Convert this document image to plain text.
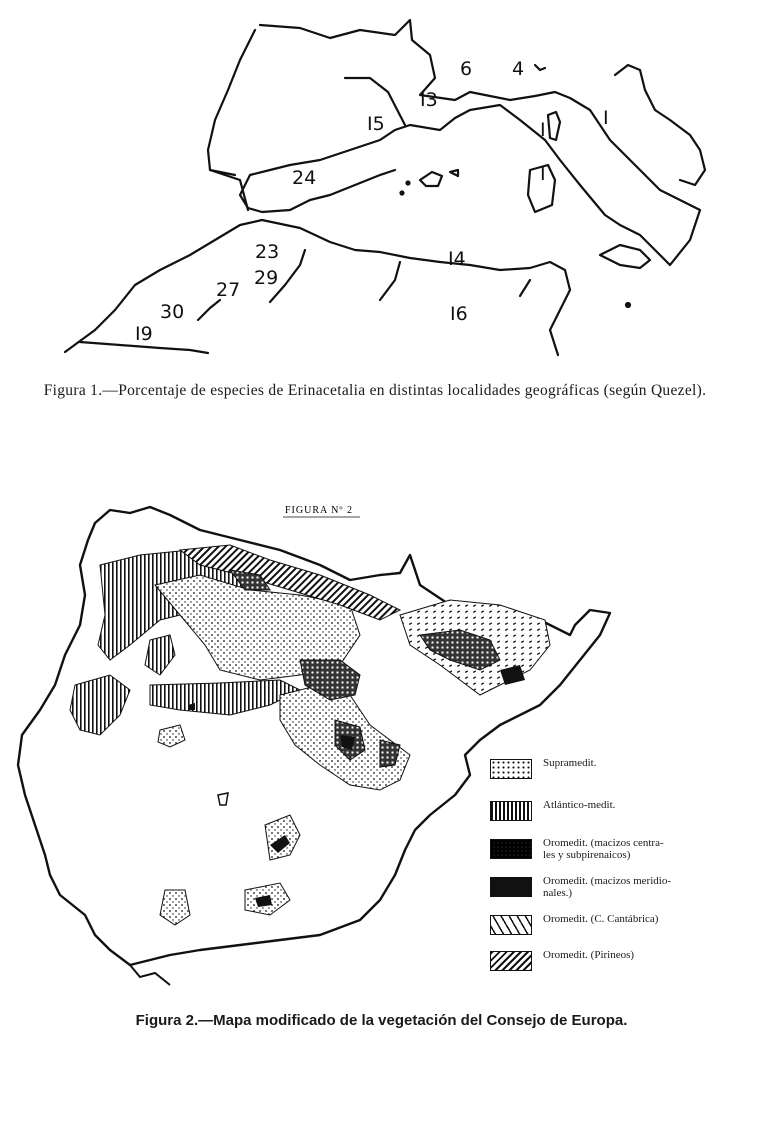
6 4
I3
I5	I
I
I
24
23
29
27
30
I9
I4
I6
Figura 1.—Porcentaje de especies de Erinacetalia en distintas localidades geográficas (según Quezel).
FIGURA Nº 2
Supramedit.
Atlántico-medit.
Oromedit. (macizos centra-
les y subpirenaicos)
Oromedit. (macizos meridio-
nales.)
Oromedit. (C. Cantábrica)
Oromedit. (Pirineos)
Figura 2.—Mapa modificado de la vegetación del Consejo de Europa.
